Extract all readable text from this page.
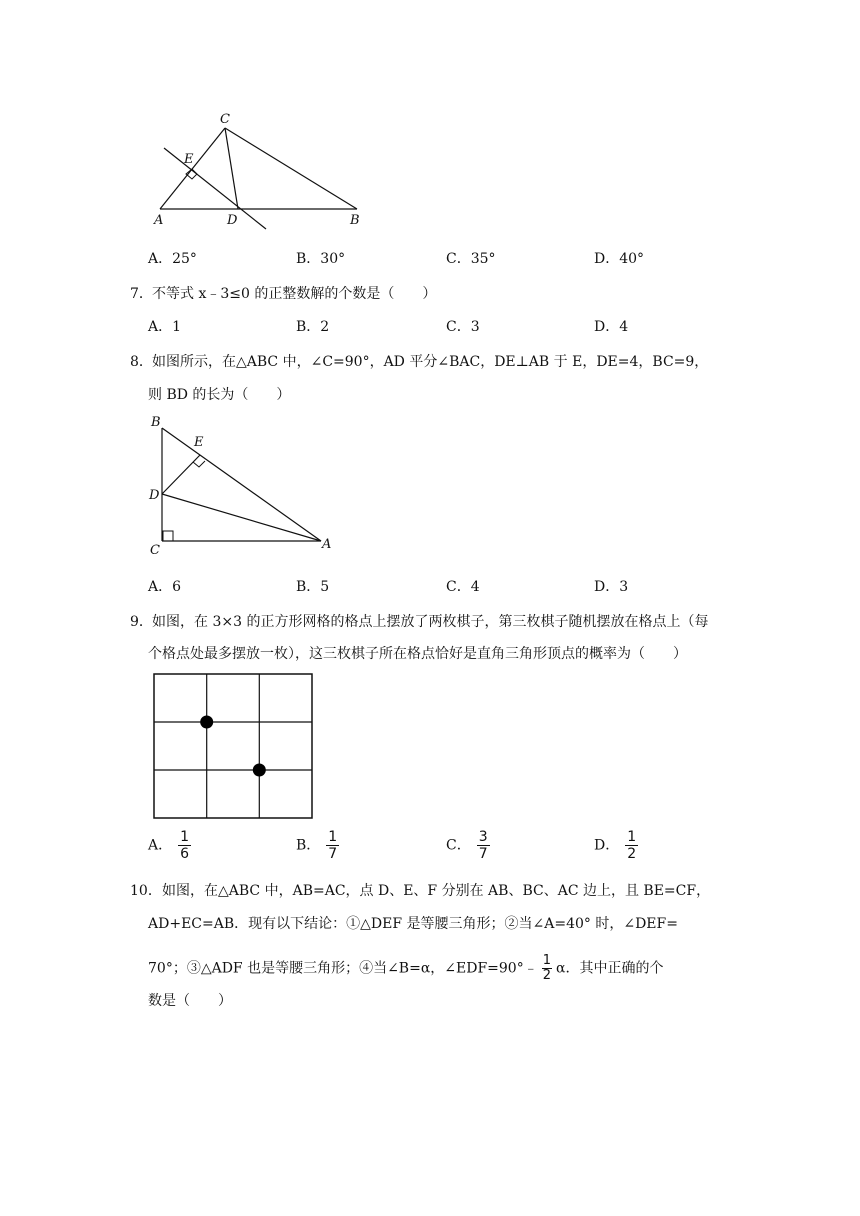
C
E
A	D	B
A．25°	B．30°	C．35°	D．40°
7． 不等式 x﹣3≤0 的正整数解的个数是（　　）
A．1	B．2	C．3	D．4
8． 如图所示，在△ABC 中，∠C=90°，AD 平分∠BAC，DE⊥AB 于 E，DE=4，BC=9，
则 BD 的长为（　　）
B
E
D
C	A
A．6	B．5	C．4	D．3
9． 如图，在 3×3 的正方形网格的格点上摆放了两枚棋子，第三枚棋子随机摆放在格点上（每
个格点处最多摆放一枚），这三枚棋子所在格点恰好是直角三角形顶点的概率为（　　）
A． $\frac{1}{6}$	B． $\frac{1}{7}$	C． $\frac{3}{7}$	D． $\frac{1}{2}$
10． 如图，在△ABC 中，AB=AC，点 D、E、F 分别在 AB、BC、AC 边上，且 BE=CF，
AD+EC=AB．现有以下结论：①△DEF 是等腰三角形；②当∠A=40° 时，∠DEF=
70°；③△ADF 也是等腰三角形；④当∠B=α，∠EDF=90°﹣ $\frac{1}{2}$ α．其中正确的个
数是（　　）
